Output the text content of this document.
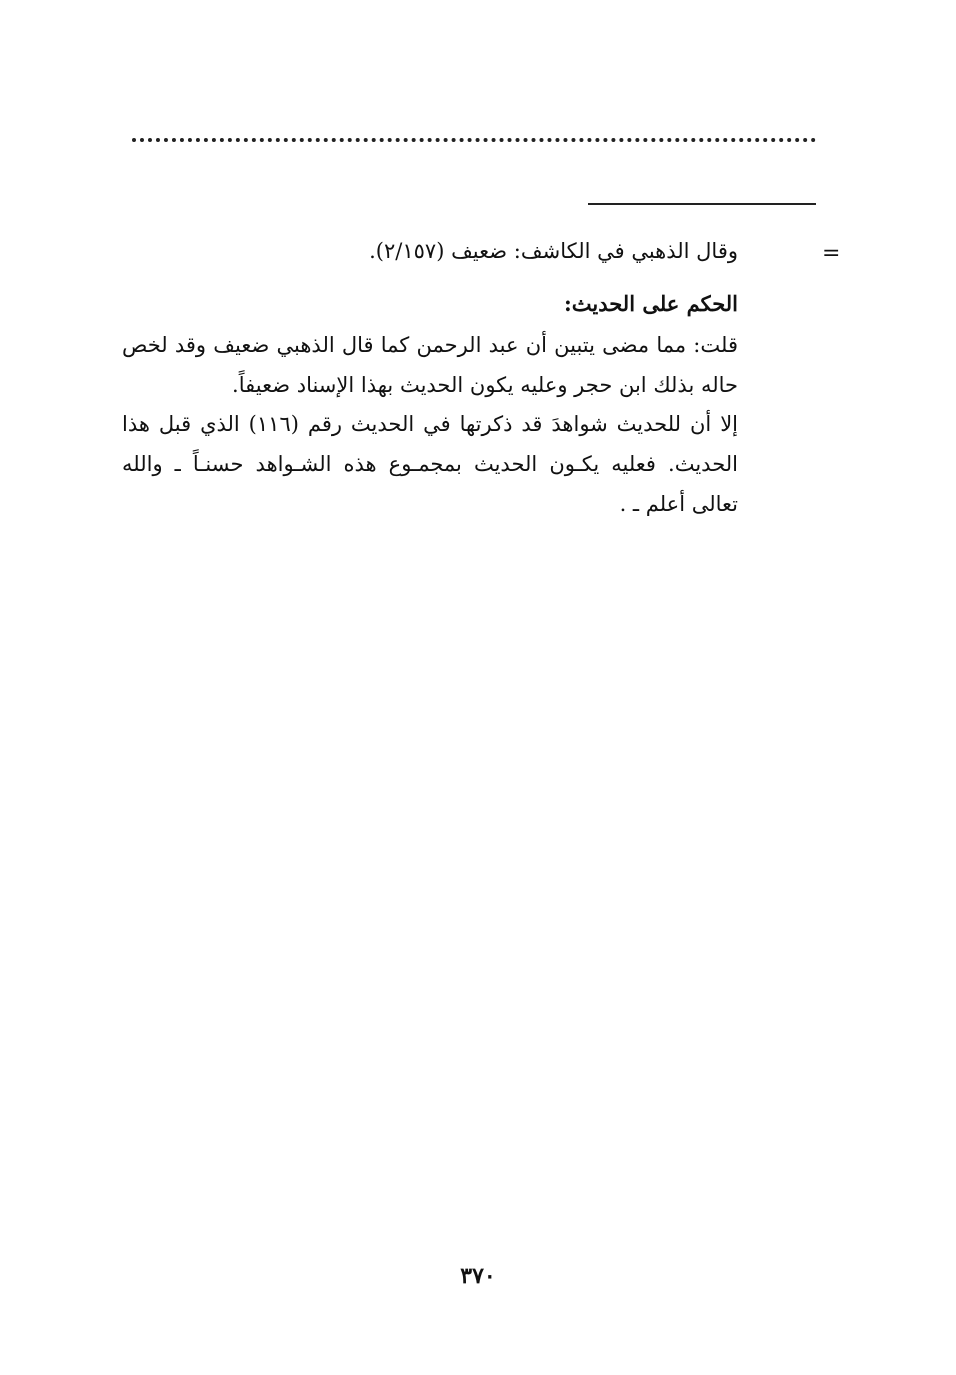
=
وقال الذهبي في الكاشف: ضعيف (٢/١٥٧).
الحكم على الحديث:
قلت: مما مضى يتبين أن عبد الرحمن كما قال الذهبي ضعيف وقد لخص
حاله بذلك ابن حجر وعليه يكون الحديث بهذا الإسناد ضعيفاً.
إلا أن للحديث شواهدَ قد ذكرتها في الحديث رقم (١١٦) الذي قبل هذا
الحديث. فعليه يكـون الحديث بمجمـوع هذه الشـواهد حسنـاً ـ والله
تعالى أعلم ـ .
٣٧٠
